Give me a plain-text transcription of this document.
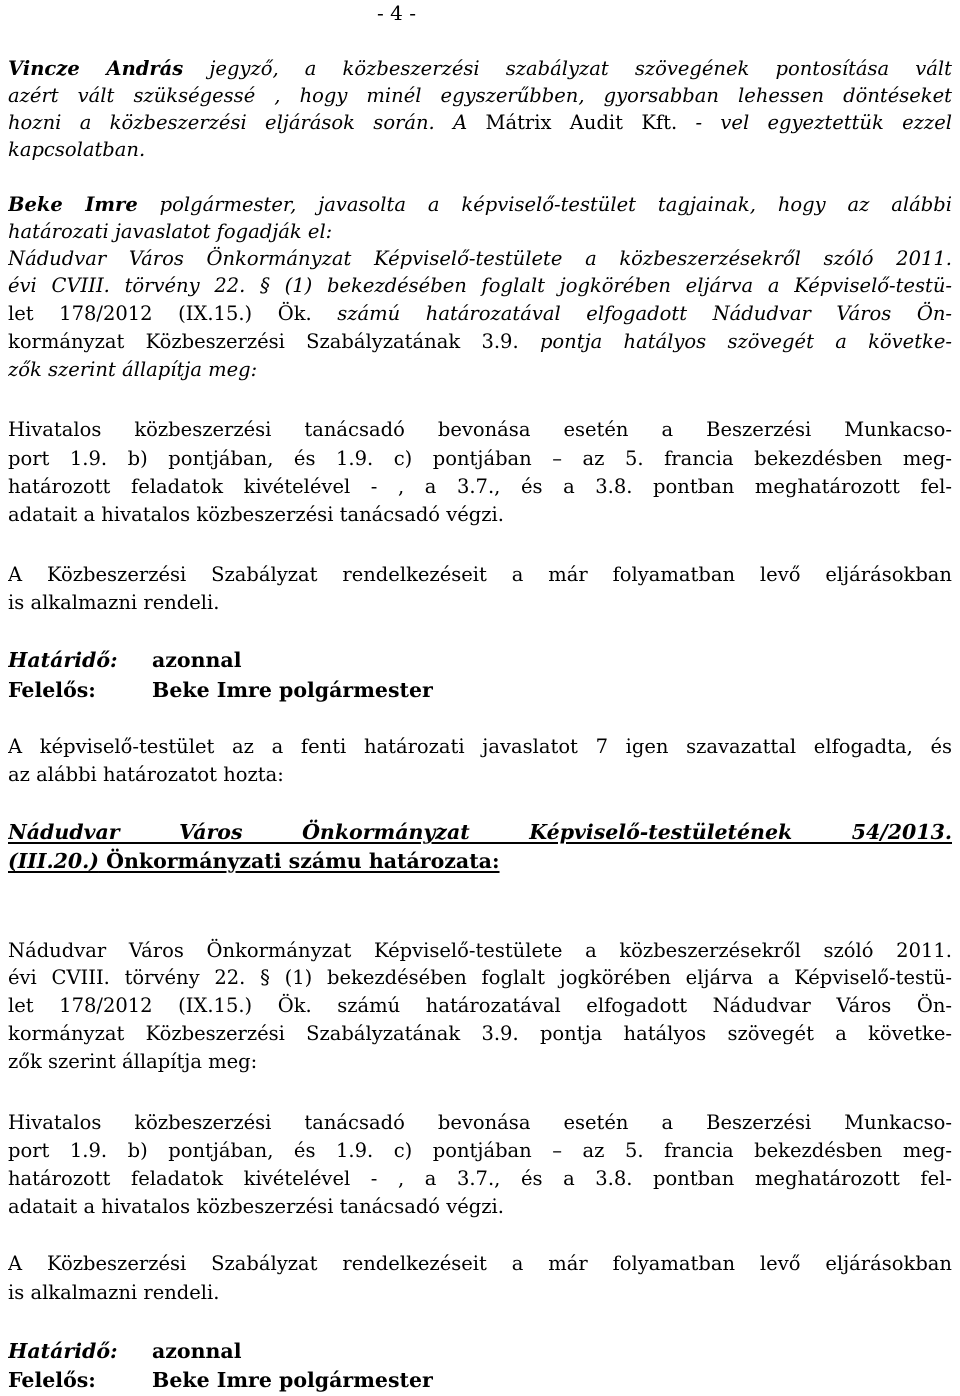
- 4 -
Vincze András jegyző, a közbeszerzési szabályzat szövegének pontosítása vált
azért vált szükségessé , hogy minél egyszerűbben, gyorsabban lehessen döntéseket
hozni a közbeszerzési eljárások során. A Mátrix Audit Kft. - vel egyeztettük ezzel
kapcsolatban.
Beke Imre polgármester, javasolta a képviselő-testület tagjainak, hogy az alábbi
határozati javaslatot fogadják el:
Nádudvar Város Önkormányzat Képviselő-testülete a közbeszerzésekről szóló 2011.
évi CVIII. törvény 22. § (1) bekezdésében foglalt jogkörében eljárva a Képviselő-testü-
let 178/2012 (IX.15.) Ök. számú határozatával elfogadott Nádudvar Város Ön-
kormányzat Közbeszerzési Szabályzatának 3.9. pontja hatályos szövegét a követke-
zők szerint állapítja meg:
Hivatalos közbeszerzési tanácsadó bevonása esetén a Beszerzési Munkacso-
port 1.9. b) pontjában, és 1.9. c) pontjában – az 5. francia bekezdésben meg-
határozott feladatok kivételével - , a 3.7., és a 3.8. pontban meghatározott fel-
adatait a hivatalos közbeszerzési tanácsadó végzi.
A Közbeszerzési Szabályzat rendelkezéseit a már folyamatban levő eljárásokban
is alkalmazni rendeli.
Határidő: azonnal
Felelős:	Beke Imre polgármester
A képviselő-testület az a fenti határozati javaslatot 7 igen szavazattal elfogadta, és
az alábbi határozatot hozta:
Nádudvar Város Önkormányzat Képviselő-testületének 54/2013.
(III.20.) Önkormányzati számu határozata:
Nádudvar Város Önkormányzat Képviselő-testülete a közbeszerzésekről szóló 2011.
évi CVIII. törvény 22. § (1) bekezdésében foglalt jogkörében eljárva a Képviselő-testü-
let 178/2012 (IX.15.) Ök. számú határozatával elfogadott Nádudvar Város Ön-
kormányzat Közbeszerzési Szabályzatának 3.9. pontja hatályos szövegét a követke-
zők szerint állapítja meg:
Hivatalos közbeszerzési tanácsadó bevonása esetén a Beszerzési Munkacso-
port 1.9. b) pontjában, és 1.9. c) pontjában – az 5. francia bekezdésben meg-
határozott feladatok kivételével - , a 3.7., és a 3.8. pontban meghatározott fel-
adatait a hivatalos közbeszerzési tanácsadó végzi.
A Közbeszerzési Szabályzat rendelkezéseit a már folyamatban levő eljárásokban
is alkalmazni rendeli.
Határidő: azonnal
Felelős:	Beke Imre polgármester
